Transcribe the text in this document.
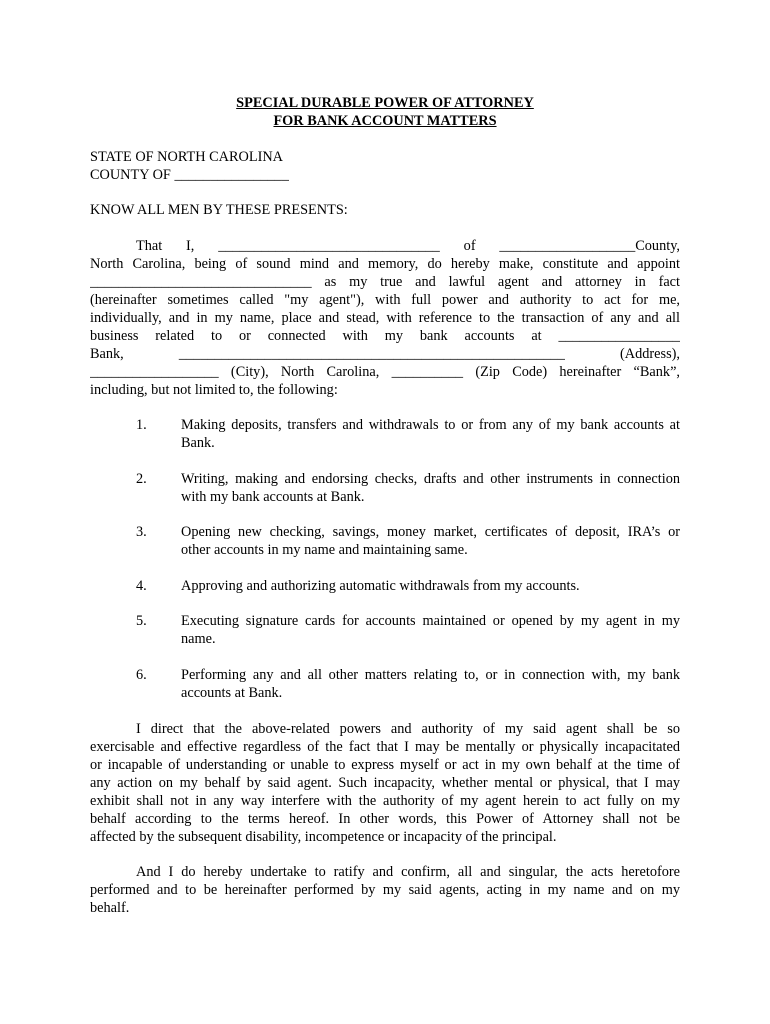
SPECIAL DURABLE POWER OF ATTORNEY
FOR BANK ACCOUNT MATTERS
STATE OF NORTH CAROLINA
COUNTY OF ________________
KNOW ALL MEN BY THESE PRESENTS:
That I, _______________________________ of ___________________County,
North Carolina, being of sound mind and memory, do hereby make, constitute and appoint
_______________________________ as my true and lawful agent and attorney in fact
(hereinafter sometimes called "my agent"), with full power and authority to act for me,
individually, and in my name, place and stead, with reference to the transaction of any and all
business related to or connected with my bank accounts at _________________
Bank, ______________________________________________________ (Address),
__________________ (City), North Carolina, __________ (Zip Code) hereinafter “Bank”,
including, but not limited to, the following:
1. Making deposits, transfers and withdrawals to or from any of my bank accounts at
Bank.
2. Writing, making and endorsing checks, drafts and other instruments in connection
with my bank accounts at Bank.
3. Opening new checking, savings, money market, certificates of deposit, IRA’s or
other accounts in my name and maintaining same.
4. Approving and authorizing automatic withdrawals from my accounts.
5. Executing signature cards for accounts maintained or opened by my agent in my
name.
6. Performing any and all other matters relating to, or in connection with, my bank
accounts at Bank.
I direct that the above-related powers and authority of my said agent shall be so
exercisable and effective regardless of the fact that I may be mentally or physically incapacitated
or incapable of understanding or unable to express myself or act in my own behalf at the time of
any action on my behalf by said agent. Such incapacity, whether mental or physical, that I may
exhibit shall not in any way interfere with the authority of my agent herein to act fully on my
behalf according to the terms hereof. In other words, this Power of Attorney shall not be
affected by the subsequent disability, incompetence or incapacity of the principal.
And I do hereby undertake to ratify and confirm, all and singular, the acts heretofore
performed and to be hereinafter performed by my said agents, acting in my name and on my
behalf.
